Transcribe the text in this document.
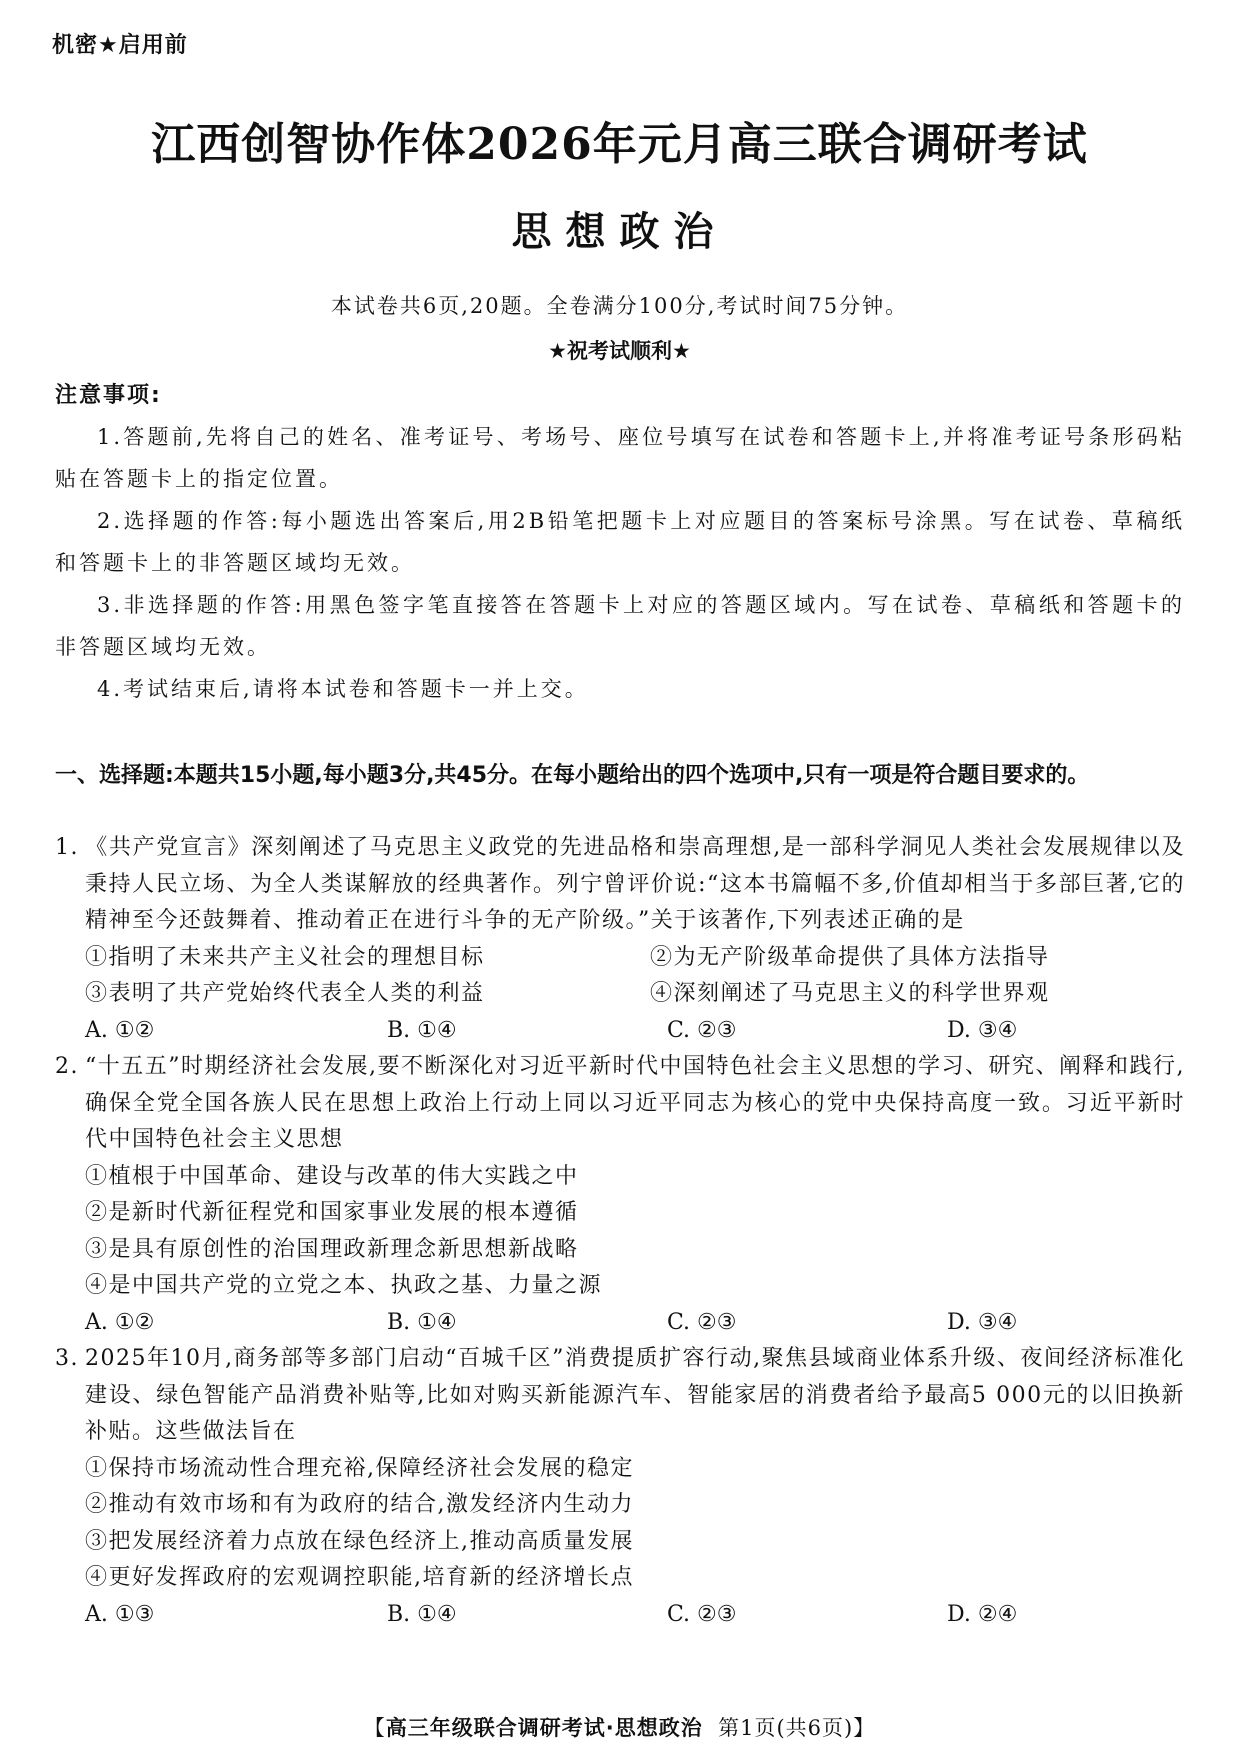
机密★启用前
江西创智协作体2026年元月高三联合调研考试
思想政治
本试卷共6页,20题。全卷满分100分,考试时间75分钟。
★祝考试顺利★
注意事项:

1.答题前,先将自己的姓名、准考证号、考场号、座位号填写在试卷和答题卡上,并将准考证号条形码粘贴在答题卡上的指定位置。

2.选择题的作答:每小题选出答案后,用2B铅笔把题卡上对应题目的答案标号涂黑。写在试卷、草稿纸和答题卡上的非答题区域均无效。

3.非选择题的作答:用黑色签字笔直接答在答题卡上对应的答题区域内。写在试卷、草稿纸和答题卡的非答题区域均无效。

4.考试结束后,请将本试卷和答题卡一并上交。

一、选择题:本题共15小题,每小题3分,共45分。在每小题给出的四个选项中,只有一项是符合题目要求的。
1. 《共产党宣言》深刻阐述了马克思主义政党的先进品格和崇高理想,是一部科学洞见人类社会发展规律以及秉持人民立场、为全人类谋解放的经典著作。列宁曾评价说:“这本书篇幅不多,价值却相当于多部巨著,它的精神至今还鼓舞着、推动着正在进行斗争的无产阶级。”关于该著作,下列表述正确的是
①指明了未来共产主义社会的理想目标	②为无产阶级革命提供了具体方法指导
③表明了共产党始终代表全人类的利益	④深刻阐述了马克思主义的科学世界观
A. ①②	B. ①④	C. ②③	D. ③④
2. “十五五”时期经济社会发展,要不断深化对习近平新时代中国特色社会主义思想的学习、研究、阐释和践行,确保全党全国各族人民在思想上政治上行动上同以习近平同志为核心的党中央保持高度一致。习近平新时代中国特色社会主义思想
①植根于中国革命、建设与改革的伟大实践之中
②是新时代新征程党和国家事业发展的根本遵循
③是具有原创性的治国理政新理念新思想新战略
④是中国共产党的立党之本、执政之基、力量之源
A. ①②	B. ①④	C. ②③	D. ③④
3. 2025年10月,商务部等多部门启动“百城千区”消费提质扩容行动,聚焦县域商业体系升级、夜间经济标准化建设、绿色智能产品消费补贴等,比如对购买新能源汽车、智能家居的消费者给予最高5 000元的以旧换新补贴。这些做法旨在
①保持市场流动性合理充裕,保障经济社会发展的稳定
②推动有效市场和有为政府的结合,激发经济内生动力
③把发展经济着力点放在绿色经济上,推动高质量发展
④更好发挥政府的宏观调控职能,培育新的经济增长点
A. ①③	B. ①④	C. ②③	D. ②④
【高三年级联合调研考试·思想政治 第1页(共6页)】
